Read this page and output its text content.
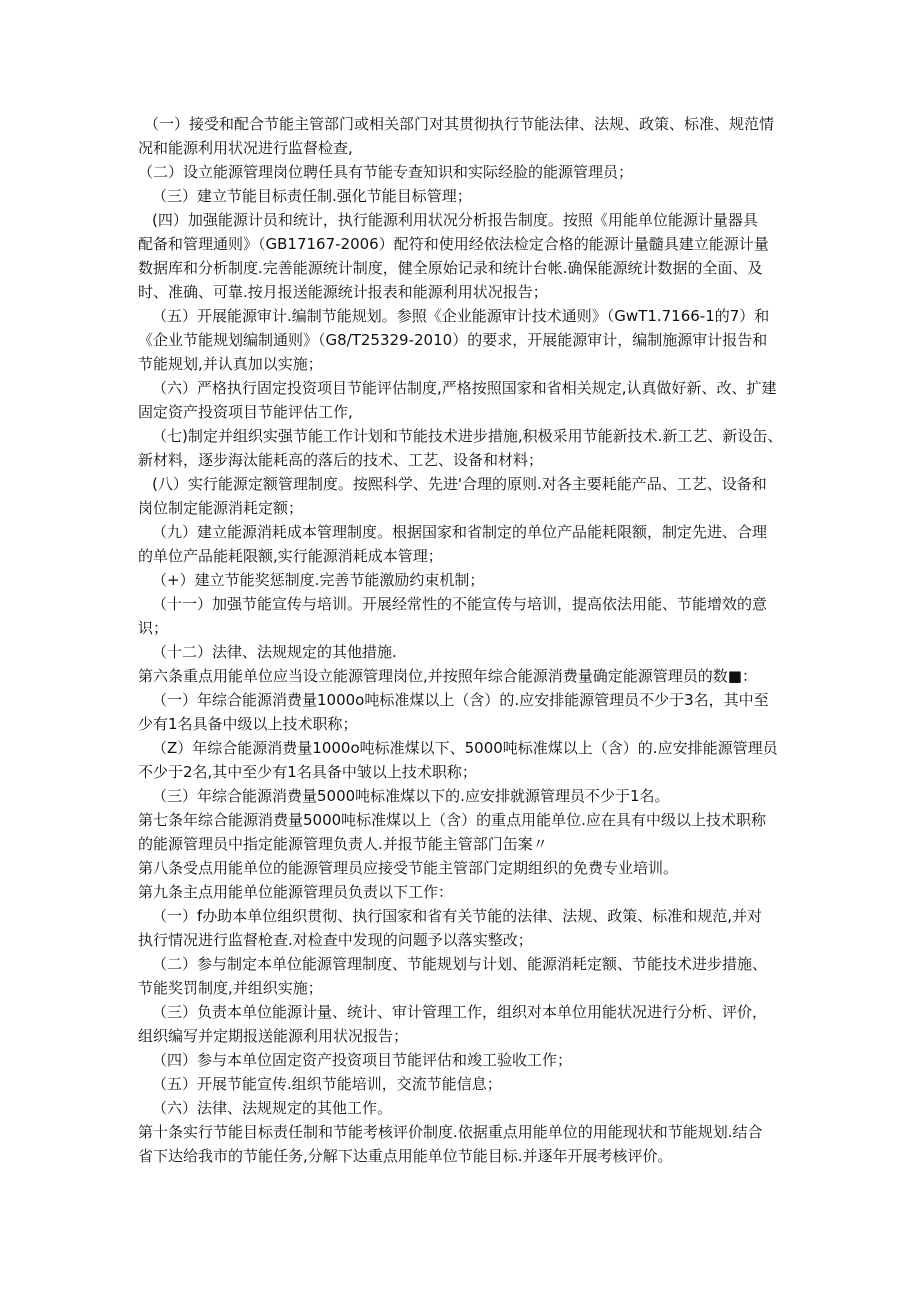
（一）接受和配合节能主管部门或相关部门对其贯彻执行节能法律、法规、政策、标准、规范情
况和能源利用状况进行监督检查,
（二）设立能源管理岗位聘任具有节能专查知识和实际经脸的能源管理员；
（三）建立节能目标责任制.强化节能目标管理；
(四）加强能源计员和统计，执行能源利用状况分析报告制度。按照《用能单位能源计量器具
配备和管理通则》（GB17167-2006）配符和使用经依法检定合格的能源计量髓具建立能源计量
数据库和分析制度.完善能源统计制度，健全原始记录和统计台帐.确保能源统计数据的全面、及
时、准确、可靠.按月报送能源统计报表和能源利用状况报告；
（五）开展能源审计.编制节能规划。参照《企业能源审计技术通则》（GwT1.7166-1的7）和
《企业节能规划编制通则》（G8/T25329-2010）的要求，开展能源审计，编制施源审计报告和
节能规划,并认真加以实施；
（六）严格执行固定投资项目节能评估制度,严格按照国家和省相关规定,认真做好新、改、扩建
固定资产投资项目节能评估工作,
（七)制定并组织实强节能工作计划和节能技术进步措施,积极采用节能新技术.新工艺、新设缶、
新材料，逐步海汰能耗高的落后的技术、工艺、设备和材料；
(八）实行能源定额管理制度。按熙科学、先进'合理的原则.对各主要耗能产品、工艺、设备和
岗位制定能源消耗定额；
（九）建立能源消耗成本管理制度。根据国家和省制定的单位产品能耗限额，制定先进、合理
的单位产品能耗限额,实行能源消耗成本管理；
（+）建立节能奖惩制度.完善节能激励约束机制；
（十一）加强节能宣传与培训。开展经常性的不能宣传与培训，提高依法用能、节能增效的意
识；
（十二）法律、法规规定的其他措施.
第六条重点用能单位应当设立能源管理岗位,并按照年综合能源消费量确定能源管理员的数■：
（一）年综合能源消费量1000o吨标准煤以上（含）的.应安排能源管理员不少于3名，其中至
少有1名具备中级以上技术职称；
（Z）年综合能源消费量1000o吨标准煤以下、5000吨标准煤以上（含）的.应安排能源管理员
不少于2名,其中至少有1名具备中皱以上技术职称；
（三）年综合能源消费量5000吨标准煤以下的.应安排就源管理员不少于1名。
第七条年综合能源消费量5000吨标准煤以上（含）的重点用能单位.应在具有中级以上技术职称
的能源管理员中指定能源管理负责人.并报节能主管部门缶案〃
第八条受点用能单位的能源管理员应接受节能主管部门定期组织的免费专业培训。
第九条主点用能单位能源管理员负责以下工作：
（一）f办助本单位组织贯彻、执行国家和省有关节能的法律、法规、政策、标准和规范,并对
执行情况进行监督枪查.对检查中发现的问题予以落实整改；
（二）参与制定本单位能源管理制度、节能规划与计划、能源消耗定额、节能技术进步措施、
节能奖罚制度,并组织实施；
（三）负责本单位能源计量、统计、审计管理工作，组织对本单位用能状况进行分析、评价，
组织编写并定期报送能源利用状况报告；
（四）参与本单位固定资产投资项目节能评估和竣工验收工作；
（五）开展节能宣传.组织节能培训，交流节能信息；
（六）法律、法规规定的其他工作。
第十条实行节能目标责任制和节能考核评价制度.依据重点用能单位的用能现状和节能规划.结合
省下达给我市的节能任务,分解下达重点用能单位节能目标.并逐年开展考核评价。
